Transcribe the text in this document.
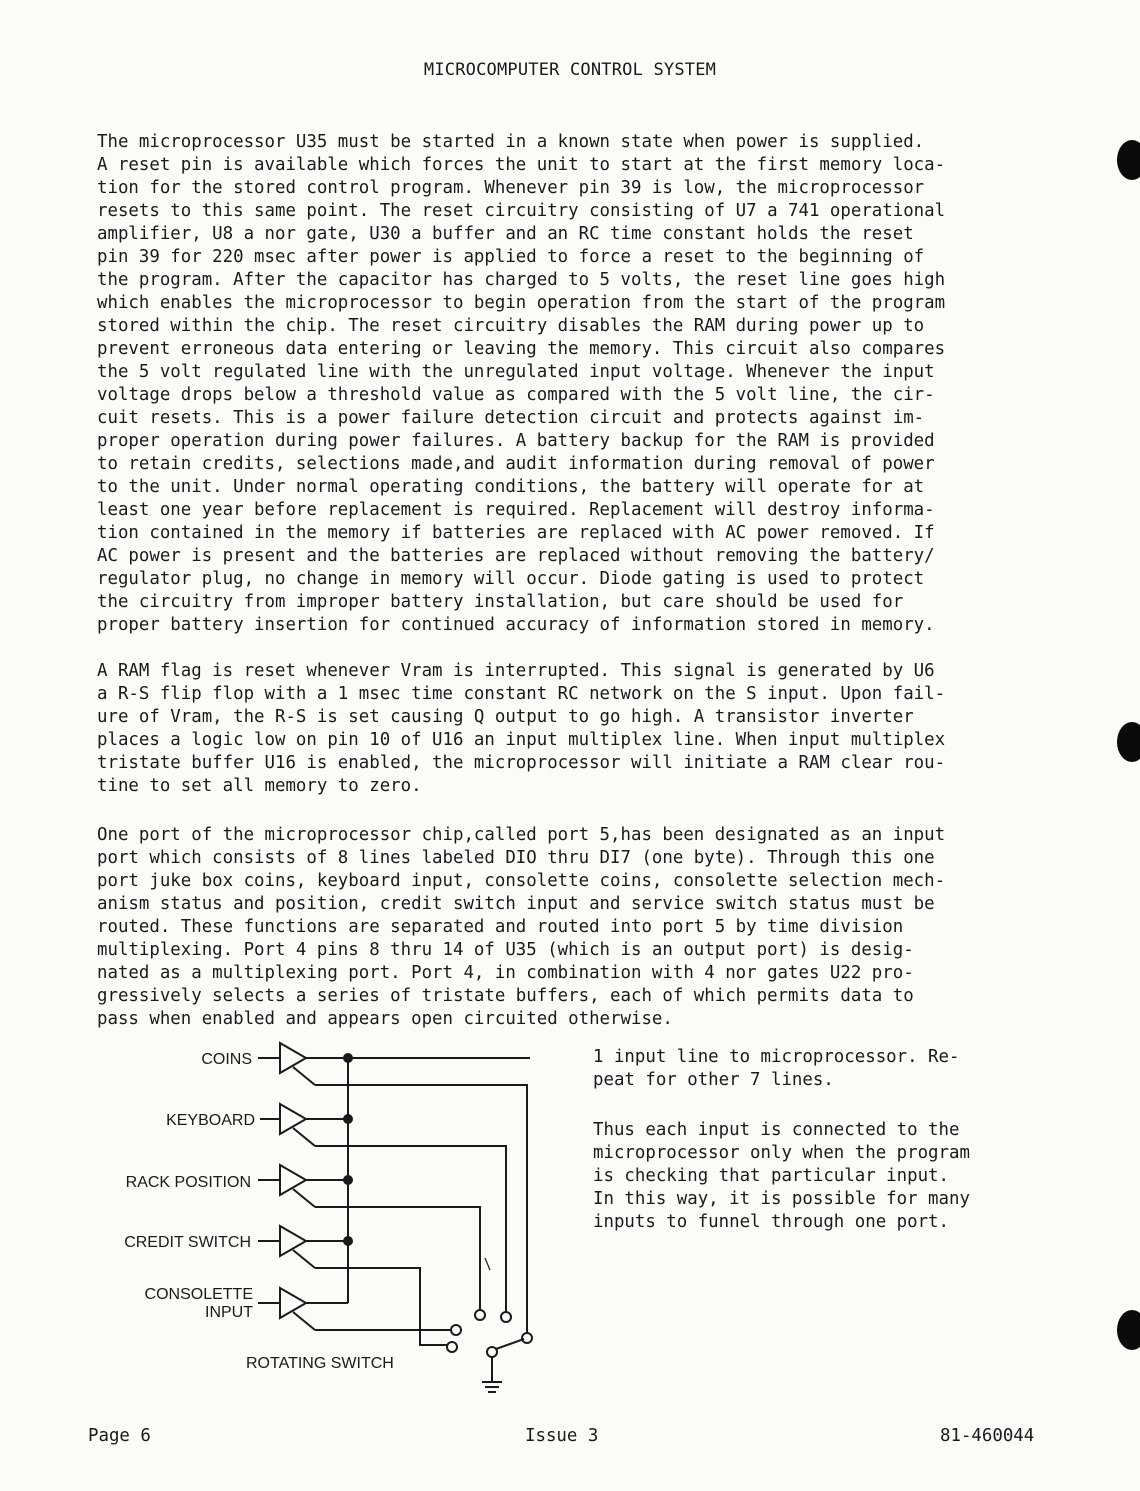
MICROCOMPUTER CONTROL SYSTEM

The microprocessor U35 must be started in a known state when power is supplied.
A reset pin is available which forces the unit to start at the first memory loca-
tion for the stored control program. Whenever pin 39 is low, the microprocessor
resets to this same point. The reset circuitry consisting of U7 a 741 operational
amplifier, U8 a nor gate, U30 a buffer and an RC time constant holds the reset
pin 39 for 220 msec after power is applied to force a reset to the beginning of
the program. After the capacitor has charged to 5 volts, the reset line goes high
which enables the microprocessor to begin operation from the start of the program
stored within the chip. The reset circuitry disables the RAM during power up to
prevent erroneous data entering or leaving the memory. This circuit also compares
the 5 volt regulated line with the unregulated input voltage. Whenever the input
voltage drops below a threshold value as compared with the 5 volt line, the cir-
cuit resets. This is a power failure detection circuit and protects against im-
proper operation during power failures. A battery backup for the RAM is provided
to retain credits, selections made,and audit information during removal of power
to the unit. Under normal operating conditions, the battery will operate for at
least one year before replacement is required. Replacement will destroy informa-
tion contained in the memory if batteries are replaced with AC power removed. If
AC power is present and the batteries are replaced without removing the battery/
regulator plug, no change in memory will occur. Diode gating is used to protect
the circuitry from improper battery installation, but care should be used for
proper battery insertion for continued accuracy of information stored in memory.

A RAM flag is reset whenever Vram is interrupted. This signal is generated by U6
a R-S flip flop with a 1 msec time constant RC network on the S input. Upon fail-
ure of Vram, the R-S is set causing Q output to go high. A transistor inverter
places a logic low on pin 10 of U16 an input multiplex line. When input multiplex
tristate buffer U16 is enabled, the microprocessor will initiate a RAM clear rou-
tine to set all memory to zero.

One port of the microprocessor chip,called port 5,has been designated as an input
port which consists of 8 lines labeled DIO thru DI7 (one byte). Through this one
port juke box coins, keyboard input, consolette coins, consolette selection mech-
anism status and position, credit switch input and service switch status must be
routed. These functions are separated and routed into port 5 by time division
multiplexing. Port 4 pins 8 thru 14 of U35 (which is an output port) is desig-
nated as a multiplexing port. Port 4, in combination with 4 nor gates U22 pro-
gressively selects a series of tristate buffers, each of which permits data to
pass when enabled and appears open circuited otherwise.

COINS
KEYBOARD
RACK POSITION
CREDIT SWITCH
CONSOLETTE
INPUT
ROTATING SWITCH

1 input line to microprocessor. Re-
peat for other 7 lines.

Thus each input is connected to the
microprocessor only when the program
is checking that particular input.
In this way, it is possible for many
inputs to funnel through one port.

Page 6	Issue 3	81-460044
